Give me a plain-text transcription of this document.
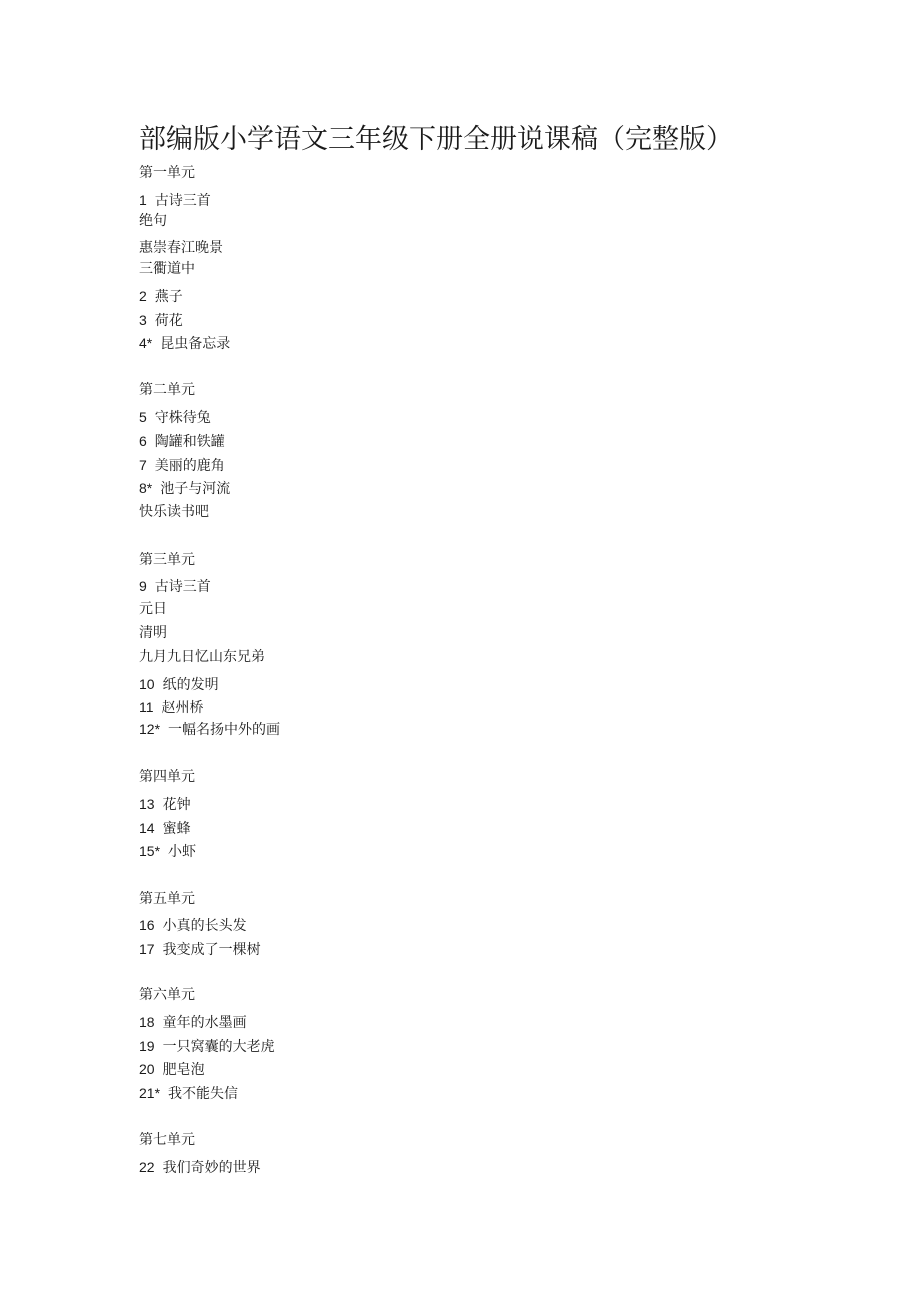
部编版小学语文三年级下册全册说课稿（完整版）
第一单元
1 古诗三首
绝句
惠崇春江晚景
三衢道中
2 燕子
3 荷花
4* 昆虫备忘录
第二单元
5 守株待兔
6 陶罐和铁罐
7 美丽的鹿角
8* 池子与河流
快乐读书吧
第三单元
9 古诗三首
元日
清明
九月九日忆山东兄弟
10 纸的发明
11 赵州桥
12* 一幅名扬中外的画
第四单元
13 花钟
14 蜜蜂
15* 小虾
第五单元
16 小真的长头发
17 我变成了一棵树
第六单元
18 童年的水墨画
19 一只窝囊的大老虎
20 肥皂泡
21* 我不能失信
第七单元
22 我们奇妙的世界
